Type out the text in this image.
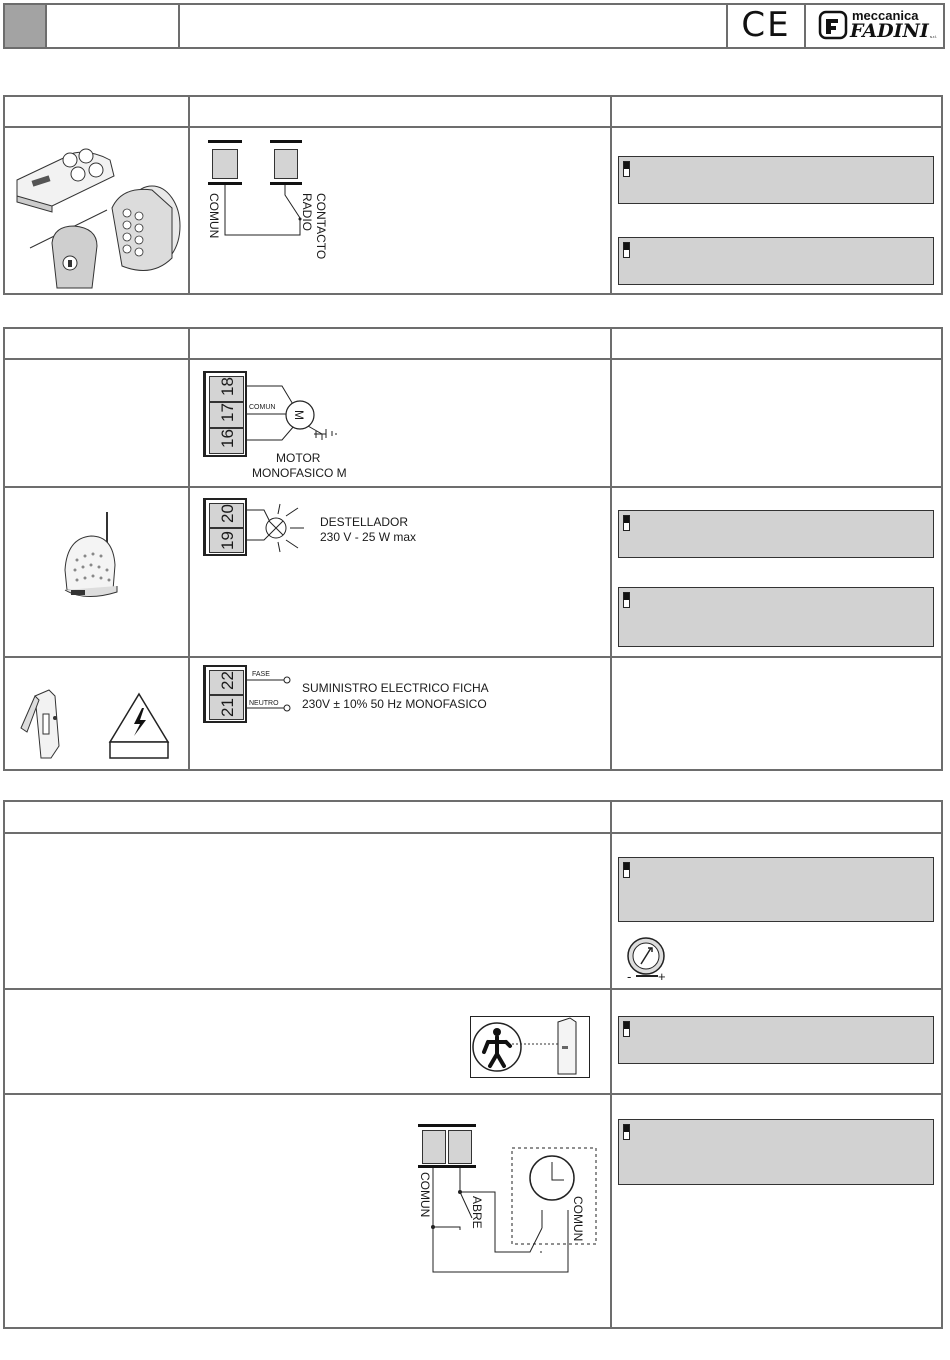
CE	meccanica
FADINI s.r.l.
COMUN	CONTACTO
RADIO
18
17
16
M
COMUN
MOTOR
MONOFASICO M
20
19
DESTELLADOR
230 V - 25 W max
22
21
FASE
NEUTRO
SUMINISTRO ELECTRICO FICHA
230V ± 10% 50 Hz MONOFASICO
- +
COMUN	ABRE	COMUN
